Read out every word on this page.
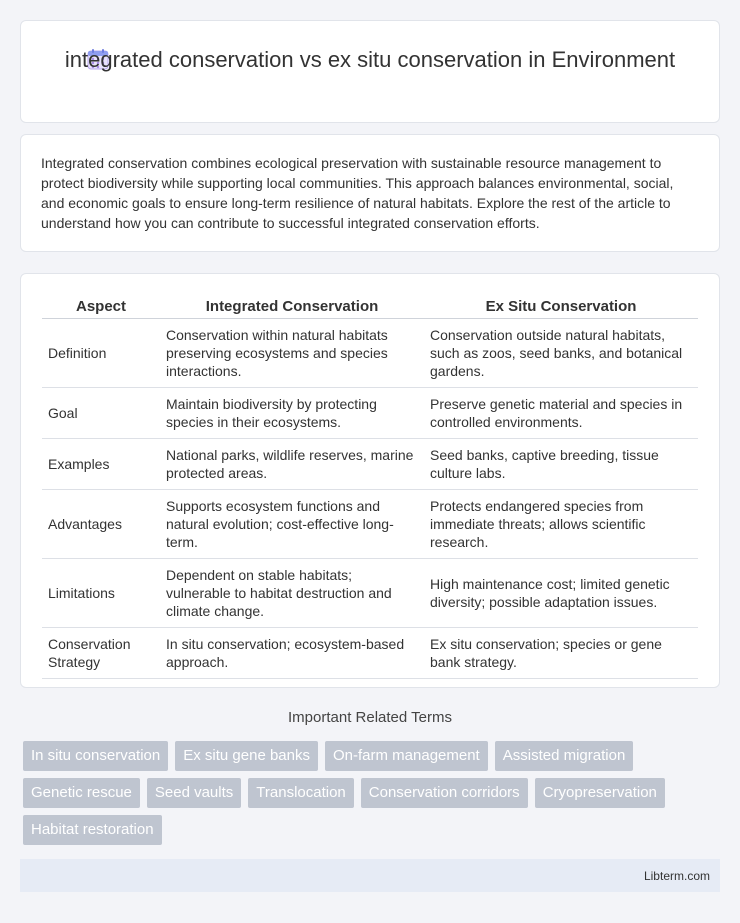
integrated conservation vs ex situ conservation in Environment

Integrated conservation combines ecological preservation with sustainable resource management to protect biodiversity while supporting local communities. This approach balances environmental, social, and economic goals to ensure long-term resilience of natural habitats. Explore the rest of the article to understand how you can contribute to successful integrated conservation efforts.

Aspect	Integrated Conservation	Ex Situ Conservation
Definition	Conservation within natural habitats preserving ecosystems and species interactions.	Conservation outside natural habitats, such as zoos, seed banks, and botanical gardens.
Goal	Maintain biodiversity by protecting species in their ecosystems.	Preserve genetic material and species in controlled environments.
Examples	National parks, wildlife reserves, marine protected areas.	Seed banks, captive breeding, tissue culture labs.
Advantages	Supports ecosystem functions and natural evolution; cost-effective long-term.	Protects endangered species from immediate threats; allows scientific research.
Limitations	Dependent on stable habitats; vulnerable to habitat destruction and climate change.	High maintenance cost; limited genetic diversity; possible adaptation issues.
Conservation Strategy	In situ conservation; ecosystem-based approach.	Ex situ conservation; species or gene bank strategy.
Important Related Terms
In situ conservation	Ex situ gene banks	On-farm management	Assisted migration
Genetic rescue	Seed vaults	Translocation	Conservation corridors	Cryopreservation
Habitat restoration
Libterm.com
